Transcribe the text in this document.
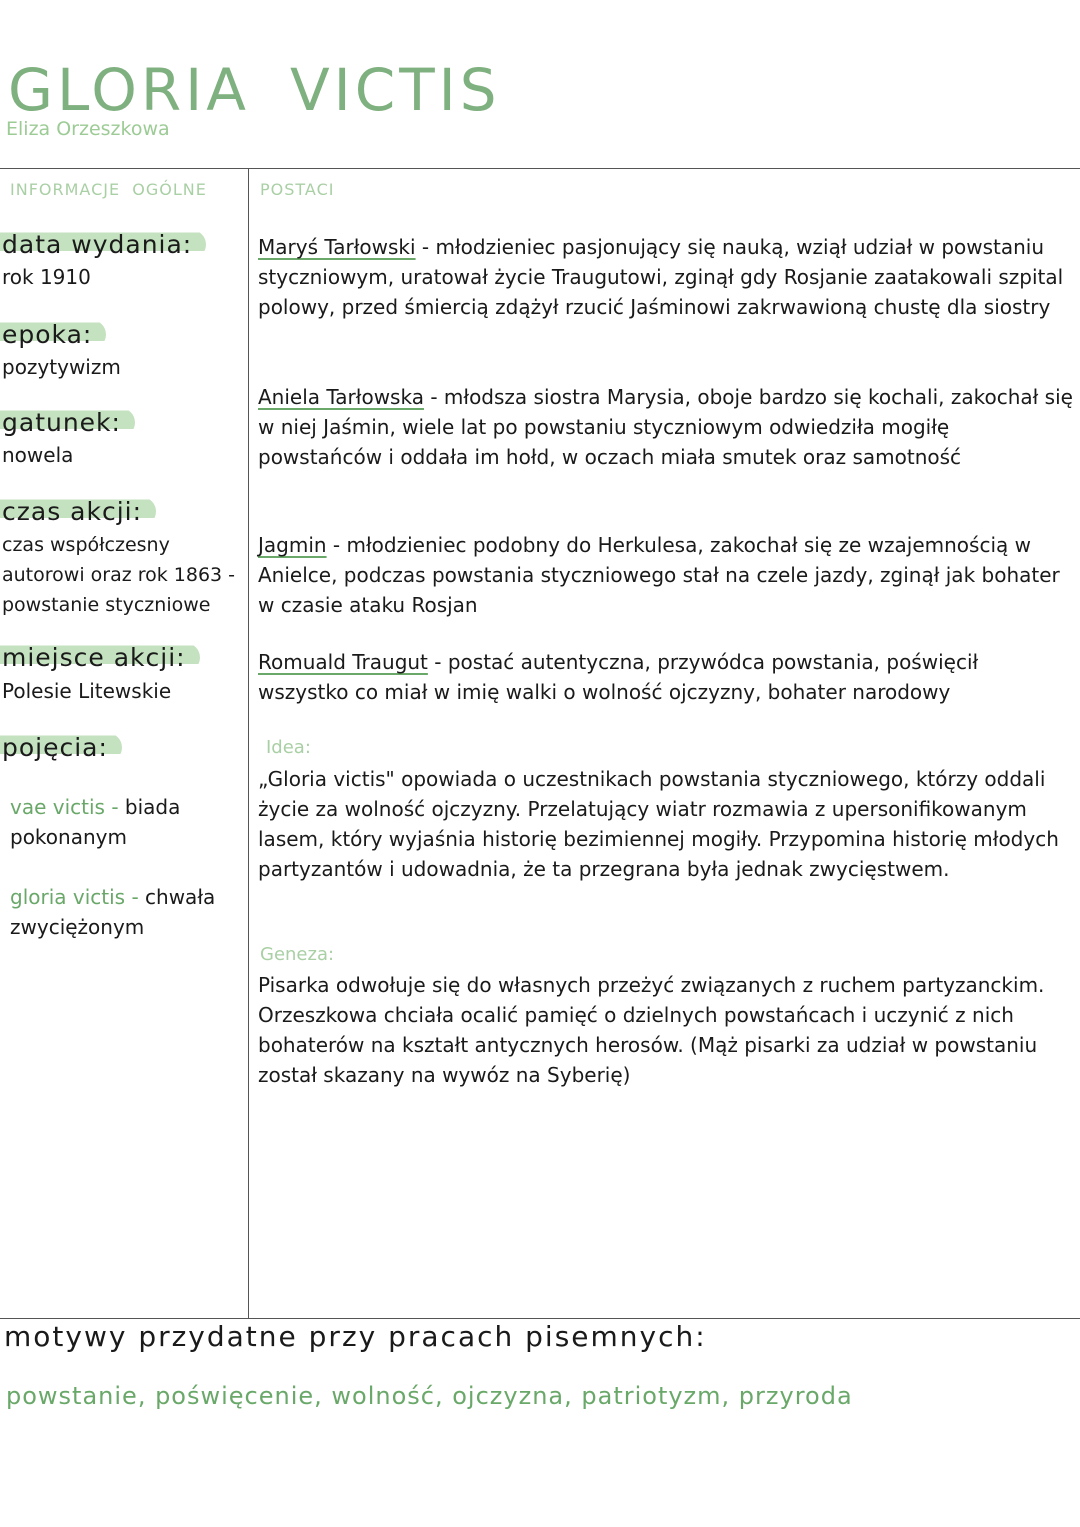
GLORIA VICTIS
Eliza Orzeszkowa
INFORMACJE  OGÓLNE	POSTACI
data wydania:
rok 1910
epoka:
pozytywizm
gatunek:
nowela
czas akcji:
czas współczesny autorowi oraz rok 1863 -powstanie styczniowe
miejsce akcji:
Polesie Litewskie
pojęcia:
vae victis - biada pokonanym
gloria victis - chwała zwyciężonym
Maryś Tarłowski - młodzieniec pasjonujący się nauką, wziął udział w powstaniu styczniowym, uratował życie Traugutowi, zginął gdy Rosjanie zaatakowali szpital polowy, przed śmiercią zdążył rzucić Jaśminowi zakrwawioną chustę dla siostry
Aniela Tarłowska - młodsza siostra Marysia, oboje bardzo się kochali, zakochał się w niej Jaśmin, wiele lat po powstaniu styczniowym odwiedziła mogiłę powstańców i oddała im hołd, w oczach miała smutek oraz samotność
Jagmin - młodzieniec podobny do Herkulesa, zakochał się ze wzajemnością w Anielce, podczas powstania styczniowego stał na czele jazdy, zginął jak bohater w czasie ataku Rosjan
Romuald Traugut - postać autentyczna, przywódca powstania, poświęcił wszystko co miał w imię walki o wolność ojczyzny, bohater narodowy
Idea:
„Gloria victis" opowiada o uczestnikach powstania styczniowego, którzy oddali życie za wolność ojczyzny. Przelatujący wiatr rozmawia z upersonifikowanym lasem, który wyjaśnia historię bezimiennej mogiły. Przypomina historię młodych partyzantów i udowadnia, że ta przegrana była jednak zwycięstwem.
Geneza:
Pisarka odwołuje się do własnych przeżyć związanych z ruchem partyzanckim. Orzeszkowa chciała ocalić pamięć o dzielnych powstańcach i uczynić z nich bohaterów na kształt antycznych herosów. (Mąż pisarki za udział w powstaniu został skazany na wywóz na Syberię)
motywy przydatne przy pracach pisemnych:
powstanie, poświęcenie, wolność, ojczyzna, patriotyzm, przyroda
